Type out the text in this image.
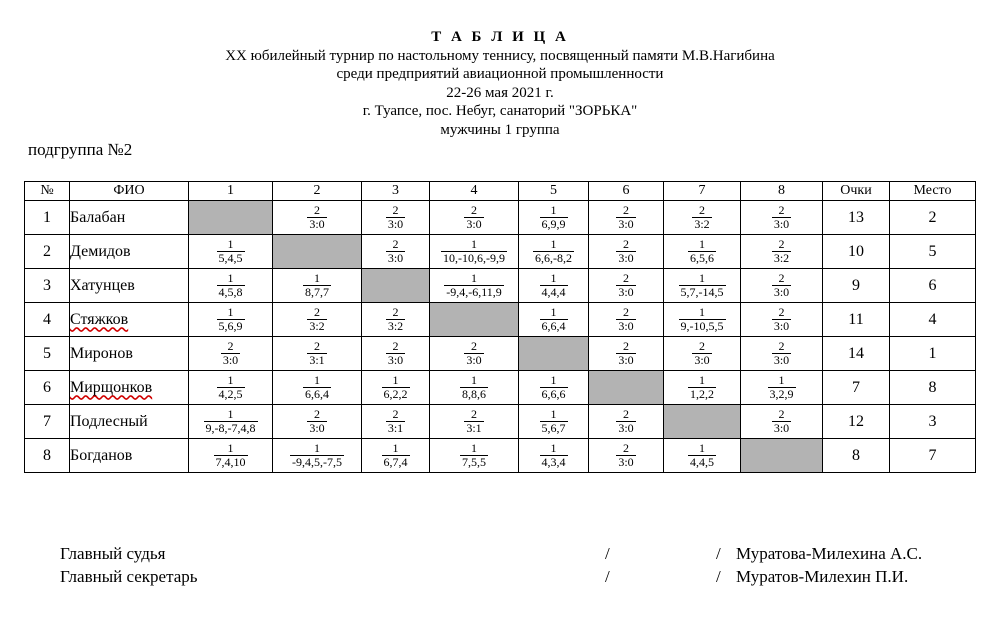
Т А Б Л И Ц А
XX юбилейный турнир по настольному теннису, посвященный памяти М.В.Нагибина
среди предприятий авиационной промышленности
22-26 мая 2021 г.
г. Туапсе, пос. Небуг, санаторий "ЗОРЬКА"
мужчины 1 группа
подгруппа №2
№	ФИО	1	2	3	4	5	6	7	8	Очки	Место
1	Балабан		$\frac{2}{3:0}$	$\frac{2}{3:0}$	$\frac{2}{3:0}$	$\frac{1}{6,9,9}$	$\frac{2}{3:0}$	$\frac{2}{3:2}$	$\frac{2}{3:0}$	13	2
2	Демидов	$\frac{1}{5,4,5}$		$\frac{2}{3:0}$	$\frac{1}{10,-10,6,-9,9}$	$\frac{1}{6,6,-8,2}$	$\frac{2}{3:0}$	$\frac{1}{6,5,6}$	$\frac{2}{3:2}$	10	5
3	Хатунцев	$\frac{1}{4,5,8}$	$\frac{1}{8,7,7}$		$\frac{1}{-9,4,-6,11,9}$	$\frac{1}{4,4,4}$	$\frac{2}{3:0}$	$\frac{1}{5,7,-14,5}$	$\frac{2}{3:0}$	9	6
4	Стяжков	$\frac{1}{5,6,9}$	$\frac{2}{3:2}$	$\frac{2}{3:2}$		$\frac{1}{6,6,4}$	$\frac{2}{3:0}$	$\frac{1}{9,-10,5,5}$	$\frac{2}{3:0}$	11	4
5	Миронов	$\frac{2}{3:0}$	$\frac{2}{3:1}$	$\frac{2}{3:0}$	$\frac{2}{3:0}$		$\frac{2}{3:0}$	$\frac{2}{3:0}$	$\frac{2}{3:0}$	14	1
6	Мирщонков	$\frac{1}{4,2,5}$	$\frac{1}{6,6,4}$	$\frac{1}{6,2,2}$	$\frac{1}{8,8,6}$	$\frac{1}{6,6,6}$		$\frac{1}{1,2,2}$	$\frac{1}{3,2,9}$	7	8
7	Подлесный	$\frac{1}{9,-8,-7,4,8}$	$\frac{2}{3:0}$	$\frac{2}{3:1}$	$\frac{2}{3:1}$	$\frac{1}{5,6,7}$	$\frac{2}{3:0}$		$\frac{2}{3:0}$	12	3
8	Богданов	$\frac{1}{7,4,10}$	$\frac{1}{-9,4,5,-7,5}$	$\frac{1}{6,7,4}$	$\frac{1}{7,5,5}$	$\frac{1}{4,3,4}$	$\frac{2}{3:0}$	$\frac{1}{4,4,5}$		8	7
Главный судья	/	/ Муратова-Милехина А.С.
Главный секретарь	/	/ Муратов-Милехин П.И.
